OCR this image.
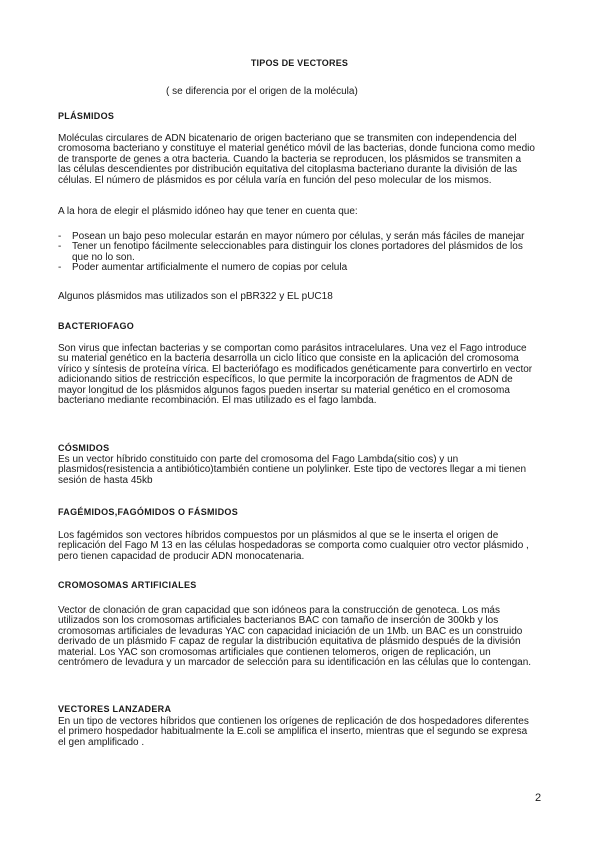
TIPOS DE VECTORES
( se diferencia por el origen de la molécula)
PLÁSMIDOS
Moléculas circulares de ADN bicatenario de origen bacteriano que se transmiten con independencia del cromosoma bacteriano y constituye el material genético móvil de las bacterias, donde funciona como medio de transporte de genes a otra bacteria. Cuando la bacteria se reproducen, los plásmidos se transmiten a las células descendientes por distribución equitativa del citoplasma bacteriano durante la división de las células. El número de plásmidos es por célula varía en función del peso molecular de los mismos.
A la hora de elegir el plásmido idóneo hay que tener en cuenta que:
-	Posean un bajo peso molecular estarán en mayor número por células, y serán más fáciles de manejar
-	Tener un fenotipo fácilmente seleccionables para distinguir los clones portadores del plásmidos de los que no lo son.
-	Poder aumentar artificialmente el numero de copias por celula
Algunos plásmidos mas utilizados son el pBR322 y EL pUC18
BACTERIOFAGO
Son virus que infectan bacterias y se comportan como parásitos intracelulares. Una vez el Fago introduce su material genético en la bacteria desarrolla un ciclo lítico que consiste en la aplicación del cromosoma vírico y síntesis de proteína vírica. El bacteriófago es modificados genéticamente para convertirlo en vector adicionando sitios de restricción específicos, lo que permite la incorporación de fragmentos de ADN de mayor longitud de los plásmidos algunos fagos pueden insertar su material genético en el cromosoma bacteriano mediante recombinación. El mas utilizado es el fago lambda.
CÓSMIDOS
Es un vector híbrido constituido con parte del cromosoma del Fago Lambda(sitio cos) y un plasmidos(resistencia a antibiótico)también contiene un polylinker. Este tipo de vectores llegar a mi tienen sesión de hasta 45kb
FAGÉMIDOS,FAGÓMIDOS O FÁSMIDOS
Los fagémidos son vectores híbridos compuestos por un plásmidos al que se le inserta el origen de replicación del Fago M 13 en las células hospedadoras se comporta como cualquier otro vector plásmido , pero tienen capacidad de producir ADN monocatenaria.
CROMOSOMAS ARTIFICIALES
Vector de clonación de gran capacidad que son idóneos para la construcción de genoteca. Los más utilizados son los cromosomas artificiales bacterianos BAC con tamaño de inserción de 300kb y los cromosomas artificiales de levaduras YAC con capacidad iniciación de un 1Mb. un BAC es un construido derivado de un plásmido F capaz de regular la distribución equitativa de plásmido después de la división material. Los YAC son cromosomas artificiales que contienen telomeros, origen de replicación, un centrómero de levadura y un marcador de selección para su identificación en las células que lo contengan.
VECTORES LANZADERA
En un tipo de vectores híbridos que contienen los orígenes de replicación de dos hospedadores diferentes el primero hospedador habitualmente la E.coli se amplifica el inserto, mientras que el segundo se expresa el gen amplificado .
2
